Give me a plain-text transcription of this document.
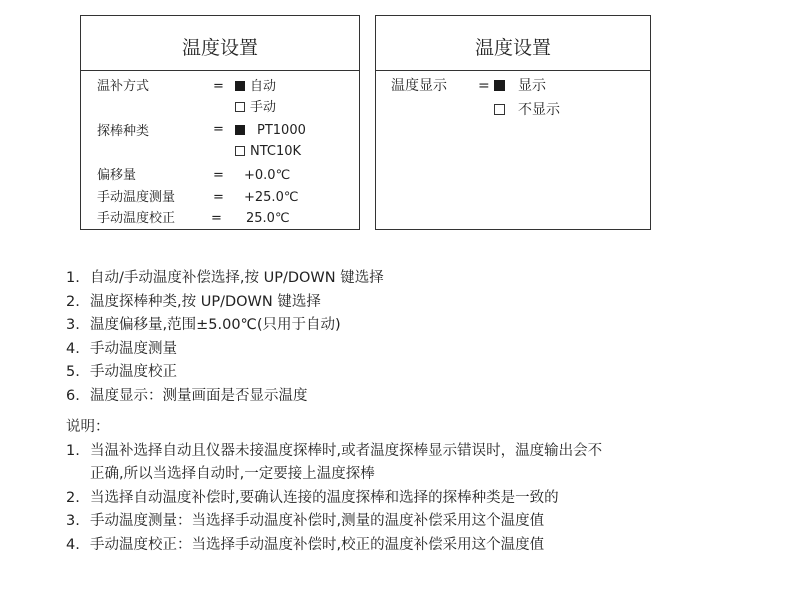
温度设置
温补方式	=	自动
手动
探棒种类	=	PT1000
NTC10K
偏移量	= +0.0℃
手动温度测量	= +25.0℃
手动温度校正	= 25.0℃
温度设置
温度显示 =	显示
不显示
1. 自动/手动温度补偿选择,按 UP/DOWN 键选择
2. 温度探棒种类,按 UP/DOWN 键选择
3. 温度偏移量,范围±5.00℃(只用于自动)
4. 手动温度测量
5. 手动温度校正
6. 温度显示：测量画面是否显示温度
说明：
1. 当温补选择自动且仪器未接温度探棒时,或者温度探棒显示错误时，温度输出会不
正确,所以当选择自动时,一定要接上温度探棒
2. 当选择自动温度补偿时,要确认连接的温度探棒和选择的探棒种类是一致的
3. 手动温度测量：当选择手动温度补偿时,测量的温度补偿采用这个温度值
4. 手动温度校正：当选择手动温度补偿时,校正的温度补偿采用这个温度值
